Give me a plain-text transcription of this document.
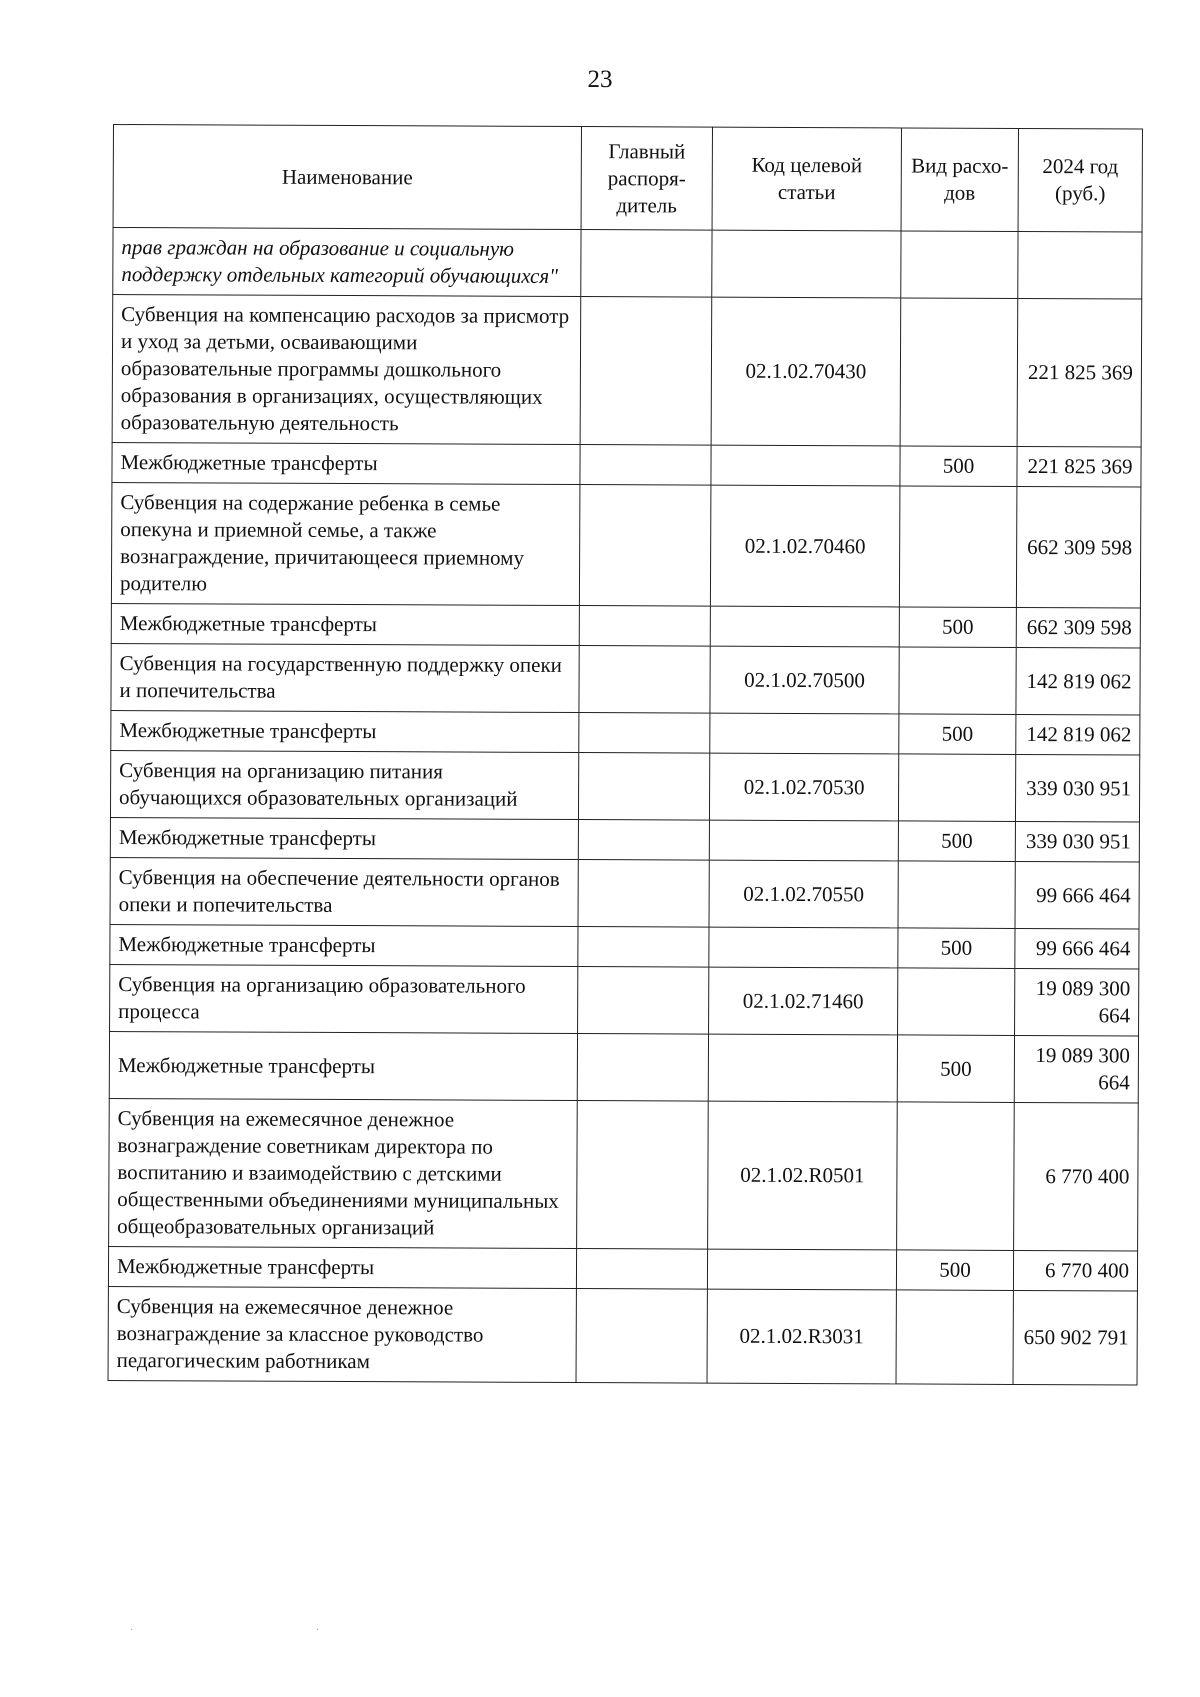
23
Наименование	Главный распоря- дитель	Код целевой статьи	Вид расхо- дов	2024 год (руб.)
прав граждан на образование и социальную поддержку отдельных категорий обучающихся"				
Субвенция на компенсацию расходов за присмотр и уход за детьми, осваивающими образовательные программы дошкольного образования в организациях, осуществляющих образовательную деятельность		02.1.02.70430		221 825 369
Межбюджетные трансферты			500	221 825 369
Субвенция на содержание ребенка в семье опекуна и приемной семье, а также вознаграждение, причитающееся приемному родителю		02.1.02.70460		662 309 598
Межбюджетные трансферты			500	662 309 598
Субвенция на государственную поддержку опеки и попечительства		02.1.02.70500		142 819 062
Межбюджетные трансферты			500	142 819 062
Субвенция на организацию питания обучающихся образовательных организаций		02.1.02.70530		339 030 951
Межбюджетные трансферты			500	339 030 951
Субвенция на обеспечение деятельности органов опеки и попечительства		02.1.02.70550		99 666 464
Межбюджетные трансферты			500	99 666 464
Субвенция на организацию образовательного процесса		02.1.02.71460		19 089 300 664
Межбюджетные трансферты			500	19 089 300 664
Субвенция на ежемесячное денежное вознаграждение советникам директора по воспитанию и взаимодействию с детскими общественными объединениями муниципальных общеобразовательных организаций		02.1.02.R0501		6 770 400
Межбюджетные трансферты			500	6 770 400
Субвенция на ежемесячное денежное вознаграждение за классное руководство педагогическим работникам		02.1.02.R3031		650 902 791
· ·
